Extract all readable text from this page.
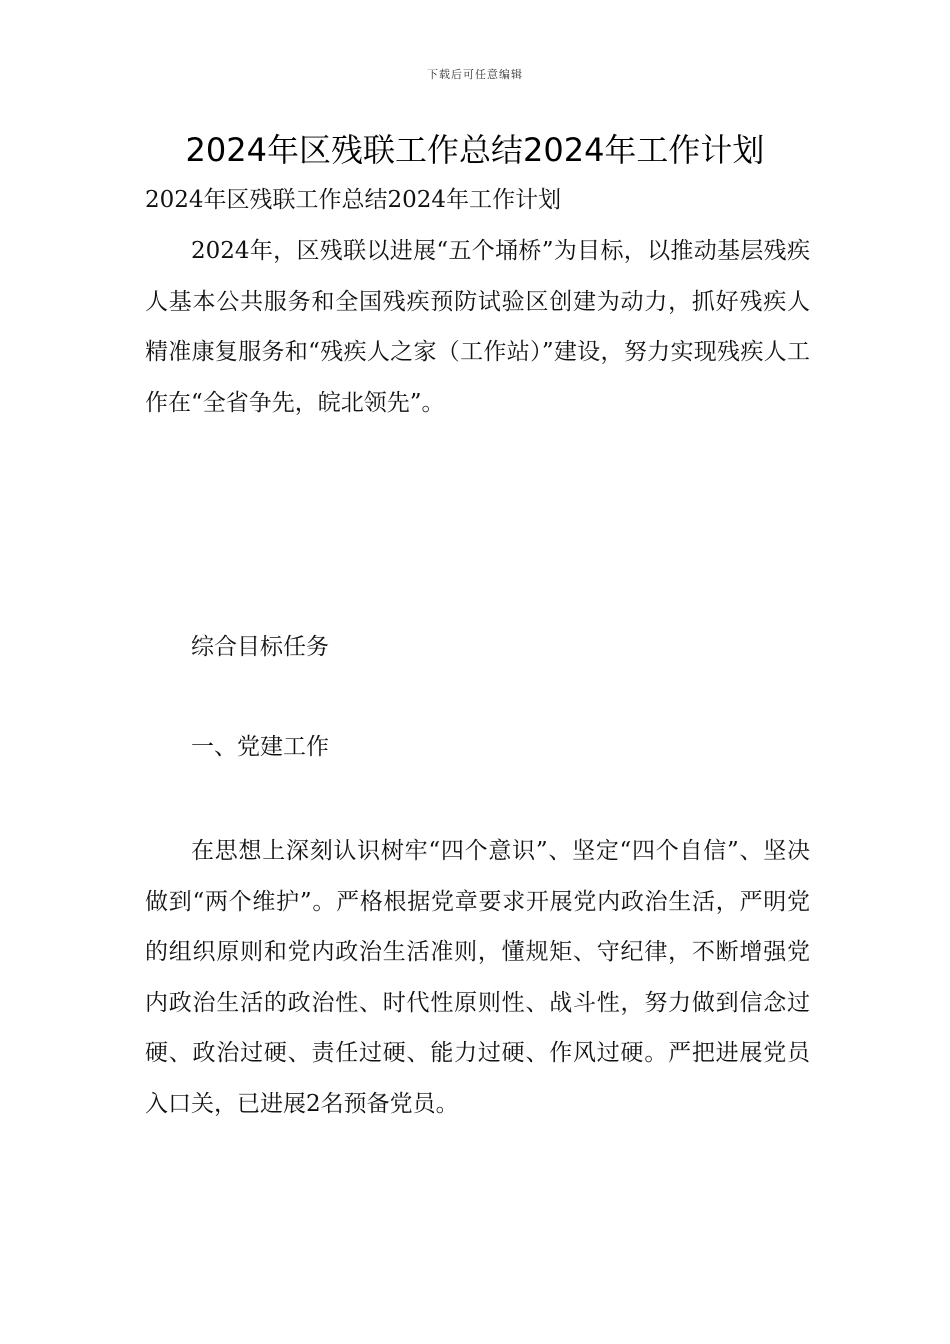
下载后可任意编辑
2024年区残联工作总结2024年工作计划
2024年区残联工作总结2024年工作计划

2024年，区残联以进展“五个埇桥”为目标，以推动基层残疾人基本公共服务和全国残疾预防试验区创建为动力，抓好残疾人精准康复服务和“残疾人之家（工作站）”建设，努力实现残疾人工作在“全省争先，皖北领先”。

综合目标任务
一、党建工作

在思想上深刻认识树牢“四个意识”、坚定“四个自信”、坚决做到“两个维护”。严格根据党章要求开展党内政治生活，严明党的组织原则和党内政治生活准则，懂规矩、守纪律，不断增强党内政治生活的政治性、时代性原则性、战斗性，努力做到信念过硬、政治过硬、责任过硬、能力过硬、作风过硬。严把进展党员入口关，已进展2名预备党员。
